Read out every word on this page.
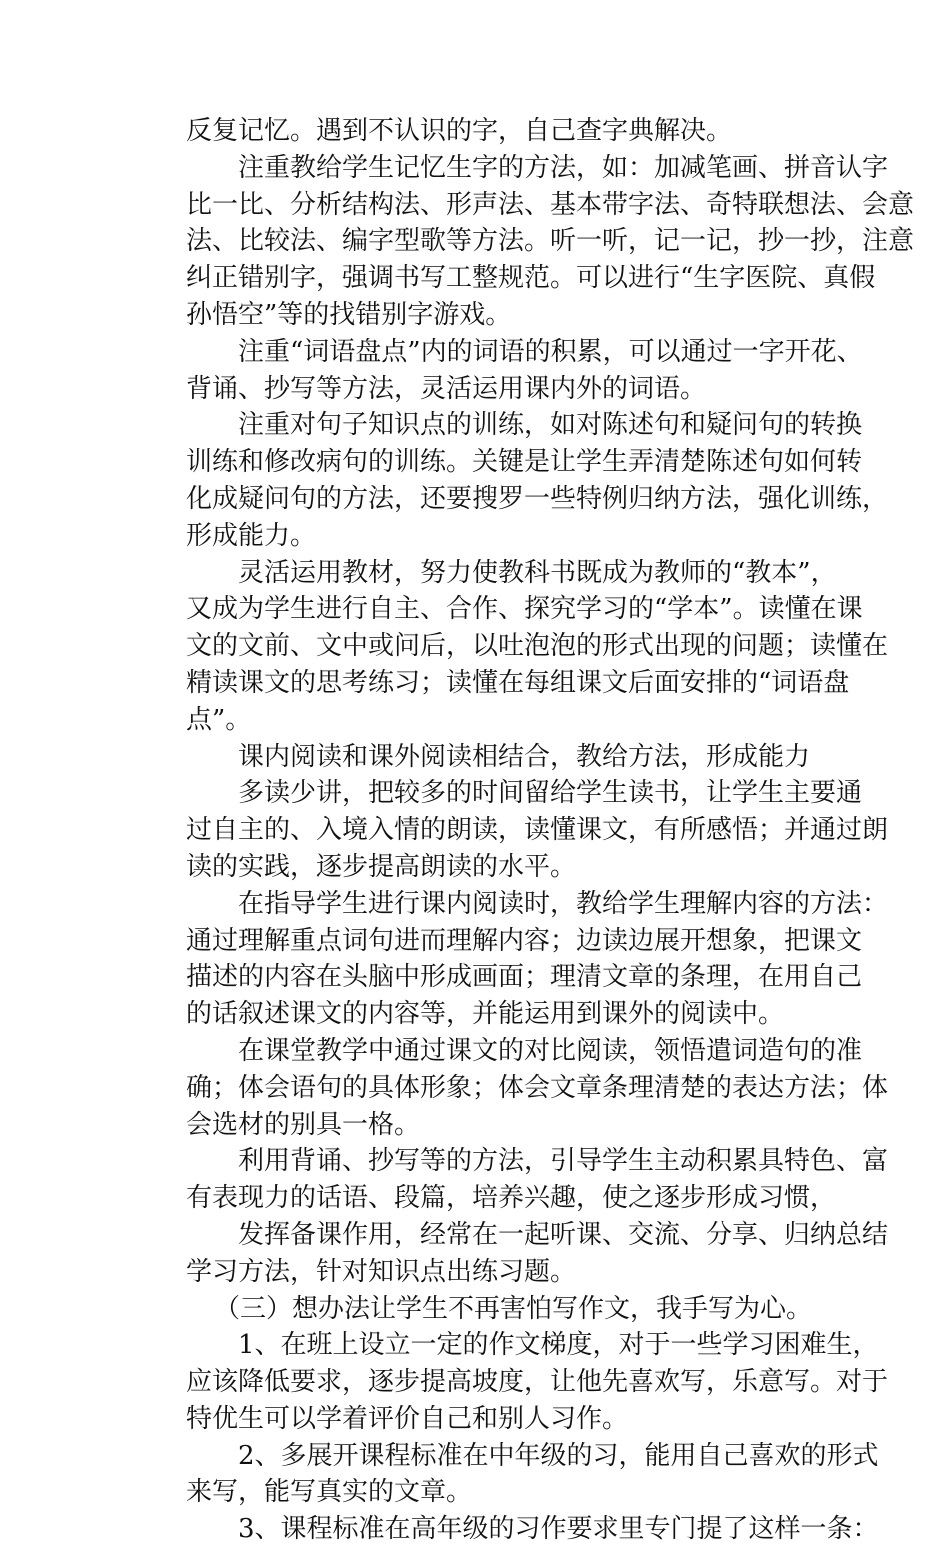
反复记忆。遇到不认识的字，自己查字典解决。
注重教给学生记忆生字的方法，如：加减笔画、拼音认字
比一比、分析结构法、形声法、基本带字法、奇特联想法、会意
法、比较法、编字型歌等方法。听一听，记一记，抄一抄，注意
纠正错别字，强调书写工整规范。可以进行“生字医院、真假
孙悟空”等的找错别字游戏。
注重“词语盘点”内的词语的积累，可以通过一字开花、
背诵、抄写等方法，灵活运用课内外的词语。
注重对句子知识点的训练，如对陈述句和疑问句的转换
训练和修改病句的训练。关键是让学生弄清楚陈述句如何转
化成疑问句的方法，还要搜罗一些特例归纳方法，强化训练，
形成能力。
灵活运用教材，努力使教科书既成为教师的“教本”，
又成为学生进行自主、合作、探究学习的“学本”。读懂在课
文的文前、文中或问后，以吐泡泡的形式出现的问题；读懂在
精读课文的思考练习；读懂在每组课文后面安排的“词语盘
点”。
课内阅读和课外阅读相结合，教给方法，形成能力
多读少讲，把较多的时间留给学生读书，让学生主要通
过自主的、入境入情的朗读，读懂课文，有所感悟；并通过朗
读的实践，逐步提高朗读的水平。
在指导学生进行课内阅读时，教给学生理解内容的方法：
通过理解重点词句进而理解内容；边读边展开想象，把课文
描述的内容在头脑中形成画面；理清文章的条理，在用自己
的话叙述课文的内容等，并能运用到课外的阅读中。
在课堂教学中通过课文的对比阅读，领悟遣词造句的准
确；体会语句的具体形象；体会文章条理清楚的表达方法；体
会选材的别具一格。
利用背诵、抄写等的方法，引导学生主动积累具特色、富
有表现力的话语、段篇，培养兴趣，使之逐步形成习惯，
发挥备课作用，经常在一起听课、交流、分享、归纳总结
学习方法，针对知识点出练习题。
（三）想办法让学生不再害怕写作文，我手写为心。
1、在班上设立一定的作文梯度，对于一些学习困难生，
应该降低要求，逐步提高坡度，让他先喜欢写，乐意写。对于
特优生可以学着评价自己和别人习作。
2、多展开课程标准在中年级的习，能用自己喜欢的形式
来写，能写真实的文章。
3、课程标准在高年级的习作要求里专门提了这样一条：
